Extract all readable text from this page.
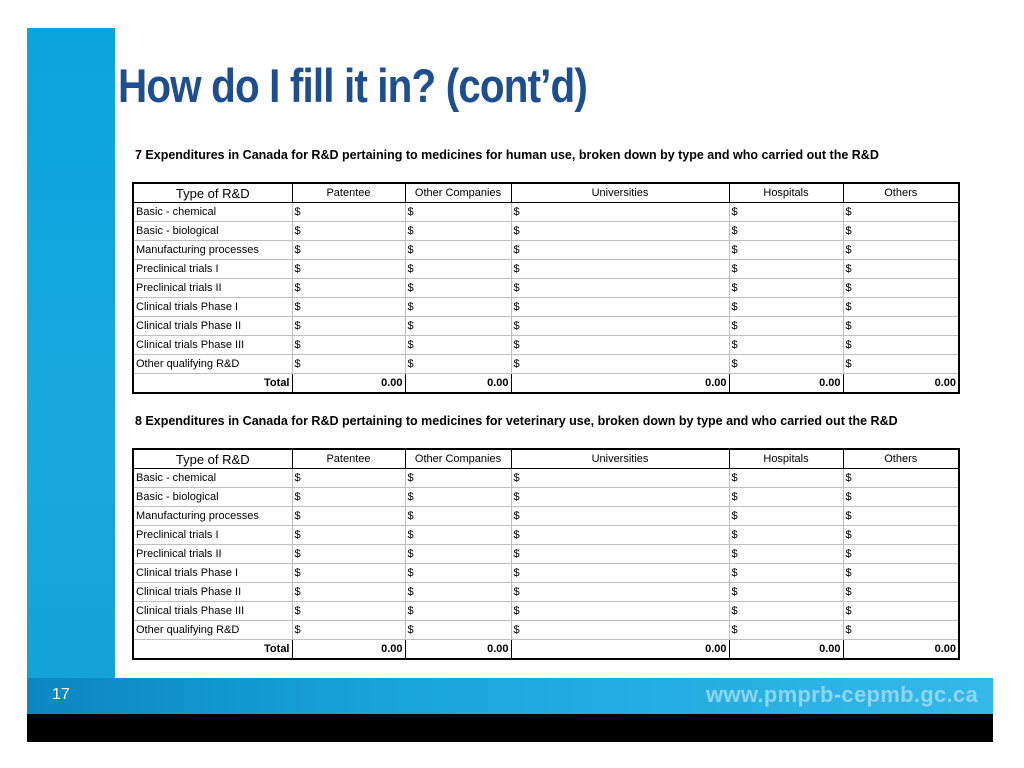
How do I fill it in? (cont’d)

7 Expenditures in Canada for R&D pertaining to medicines for human use, broken down by type and who carried out the R&D

Type of R&D	Patentee	Other Companies	Universities	Hospitals	Others
Basic - chemical	$	$	$	$	$
Basic - biological	$	$	$	$	$
Manufacturing processes	$	$	$	$	$
Preclinical trials I	$	$	$	$	$
Preclinical trials II	$	$	$	$	$
Clinical trials Phase I	$	$	$	$	$
Clinical trials Phase II	$	$	$	$	$
Clinical trials Phase III	$	$	$	$	$
Other qualifying R&D	$	$	$	$	$
Total	0.00	0.00	0.00	0.00	0.00

8 Expenditures in Canada for R&D pertaining to medicines for veterinary use, broken down by type and who carried out the R&D

Type of R&D	Patentee	Other Companies	Universities	Hospitals	Others
Basic - chemical	$	$	$	$	$
Basic - biological	$	$	$	$	$
Manufacturing processes	$	$	$	$	$
Preclinical trials I	$	$	$	$	$
Preclinical trials II	$	$	$	$	$
Clinical trials Phase I	$	$	$	$	$
Clinical trials Phase II	$	$	$	$	$
Clinical trials Phase III	$	$	$	$	$
Other qualifying R&D	$	$	$	$	$
Total	0.00	0.00	0.00	0.00	0.00
17	www.pmprb-cepmb.gc.ca
